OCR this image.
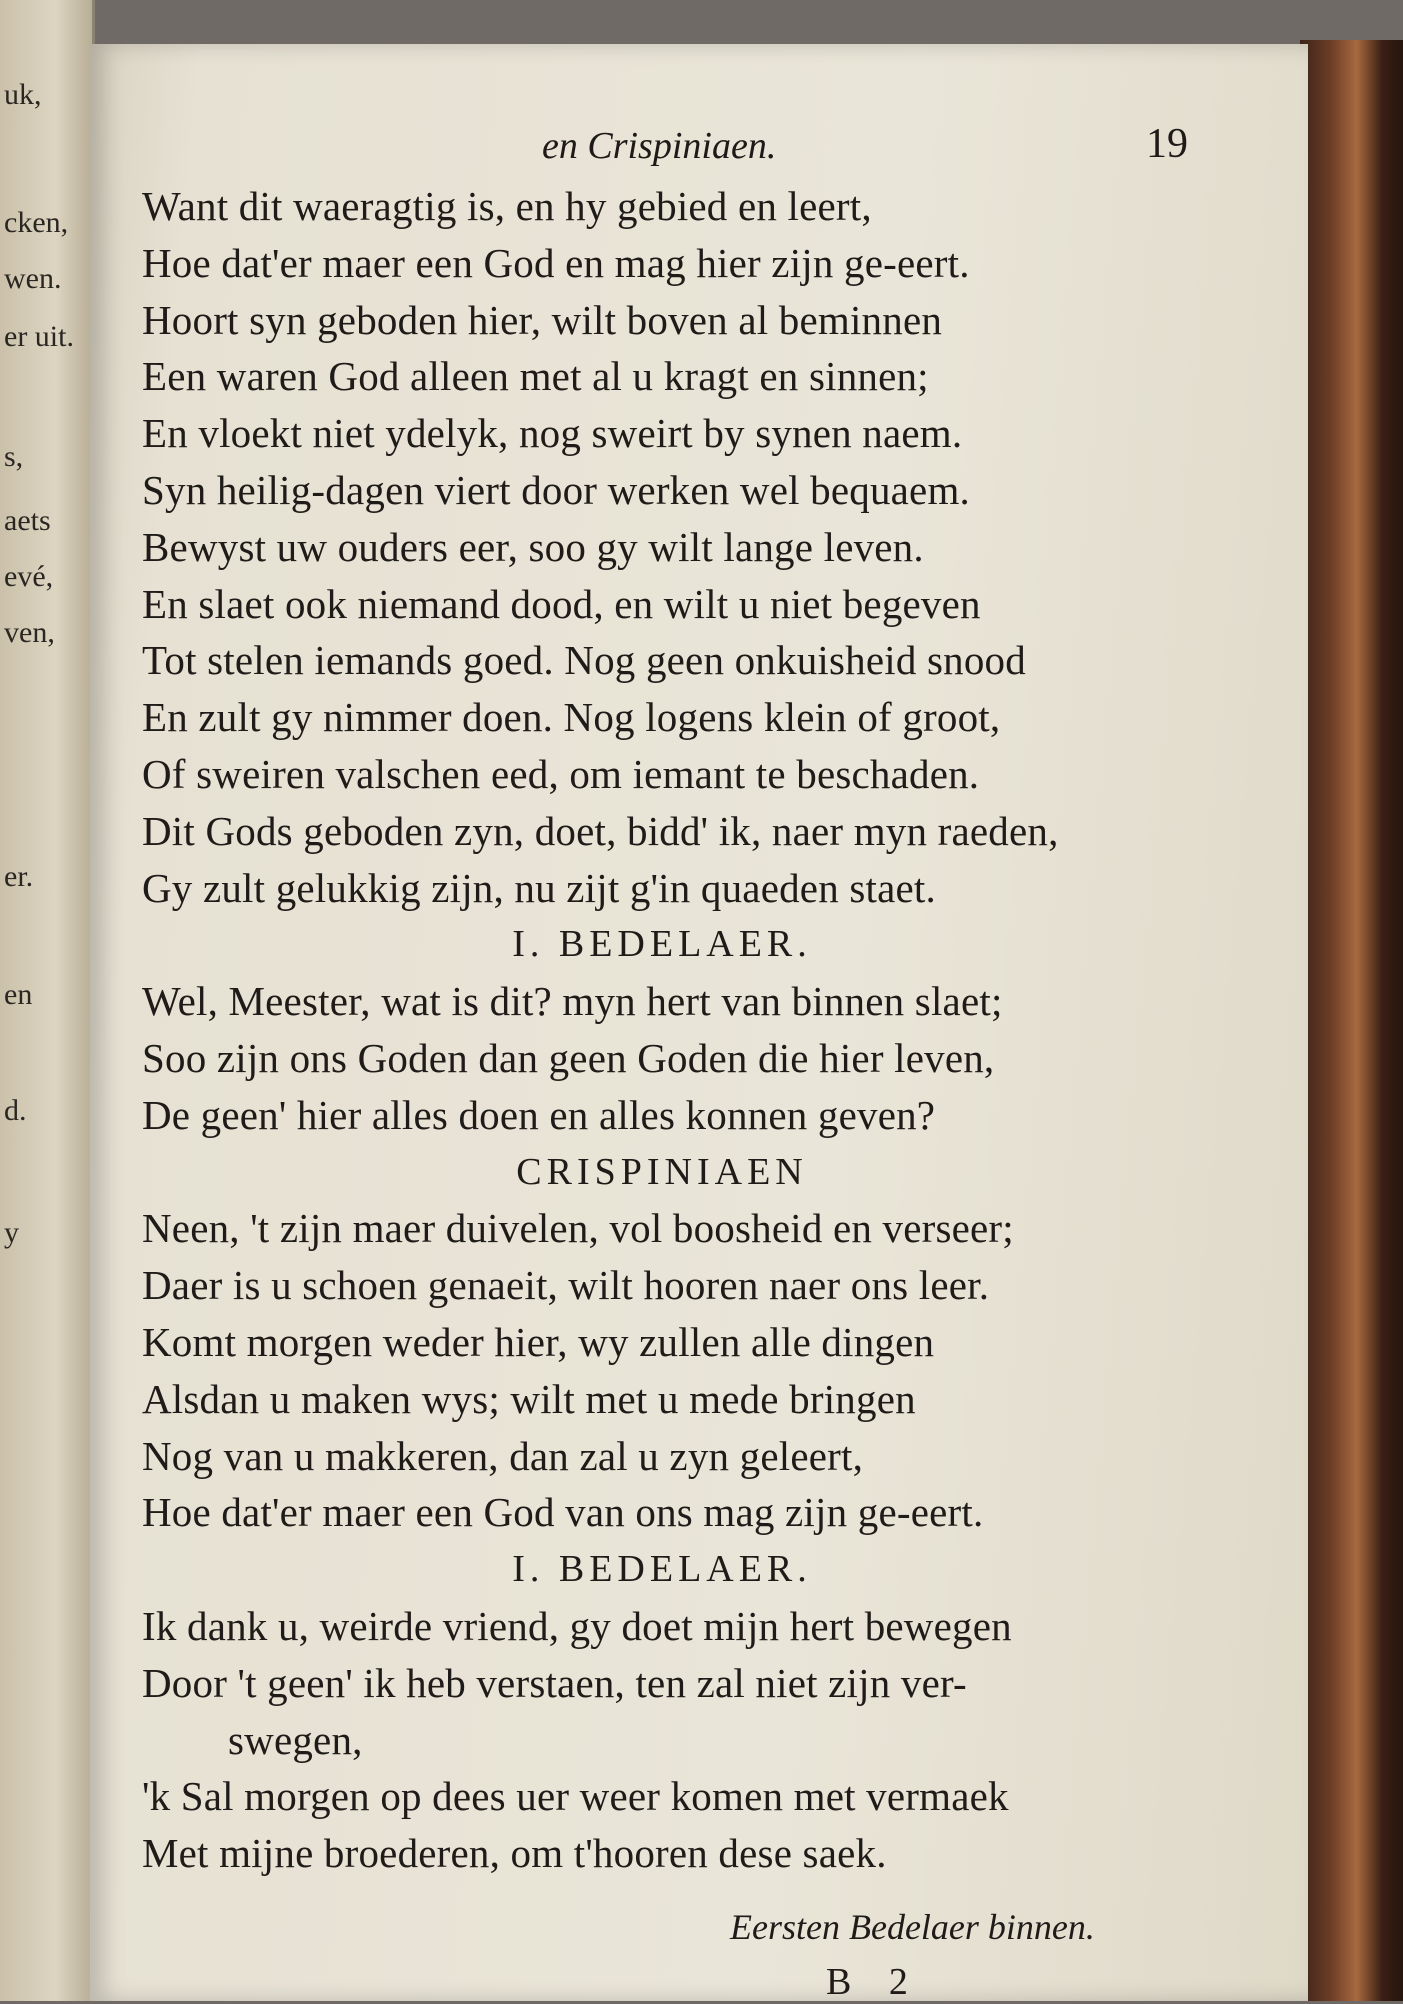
uk,
cken,
wen.
er uit.
s,
aets
evé,
ven,
er.
en
d.
y
en Crispiniaen.	19
Want dit waeragtig is, en hy gebied en leert,
Hoe dat'er maer een God en mag hier zijn ge-eert.
Hoort syn geboden hier, wilt boven al beminnen
Een waren God alleen met al u kragt en sinnen;
En vloekt niet ydelyk, nog sweirt by synen naem.
Syn heilig-dagen viert door werken wel bequaem.
Bewyst uw ouders eer, soo gy wilt lange leven.
En slaet ook niemand dood, en wilt u niet begeven
Tot stelen iemands goed. Nog geen onkuisheid snood
En zult gy nimmer doen. Nog logens klein of groot,
Of sweiren valschen eed, om iemant te beschaden.
Dit Gods geboden zyn, doet, bidd' ik, naer myn raeden,
Gy zult gelukkig zijn, nu zijt g'in quaeden staet.
I. BEDELAER.
Wel, Meester, wat is dit? myn hert van binnen slaet;
Soo zijn ons Goden dan geen Goden die hier leven,
De geen' hier alles doen en alles konnen geven?
CRISPINIAEN
Neen, 't zijn maer duivelen, vol boosheid en verseer;
Daer is u schoen genaeit, wilt hooren naer ons leer.
Komt morgen weder hier, wy zullen alle dingen
Alsdan u maken wys; wilt met u mede bringen
Nog van u makkeren, dan zal u zyn geleert,
Hoe dat'er maer een God van ons mag zijn ge-eert.
I. BEDELAER.
Ik dank u, weirde vriend, gy doet mijn hert bewegen
Door 't geen' ik heb verstaen, ten zal niet zijn ver-
swegen,
'k Sal morgen op dees uer weer komen met vermaek
Met mijne broederen, om t'hooren dese saek.
Eersten Bedelaer binnen.
B 2
